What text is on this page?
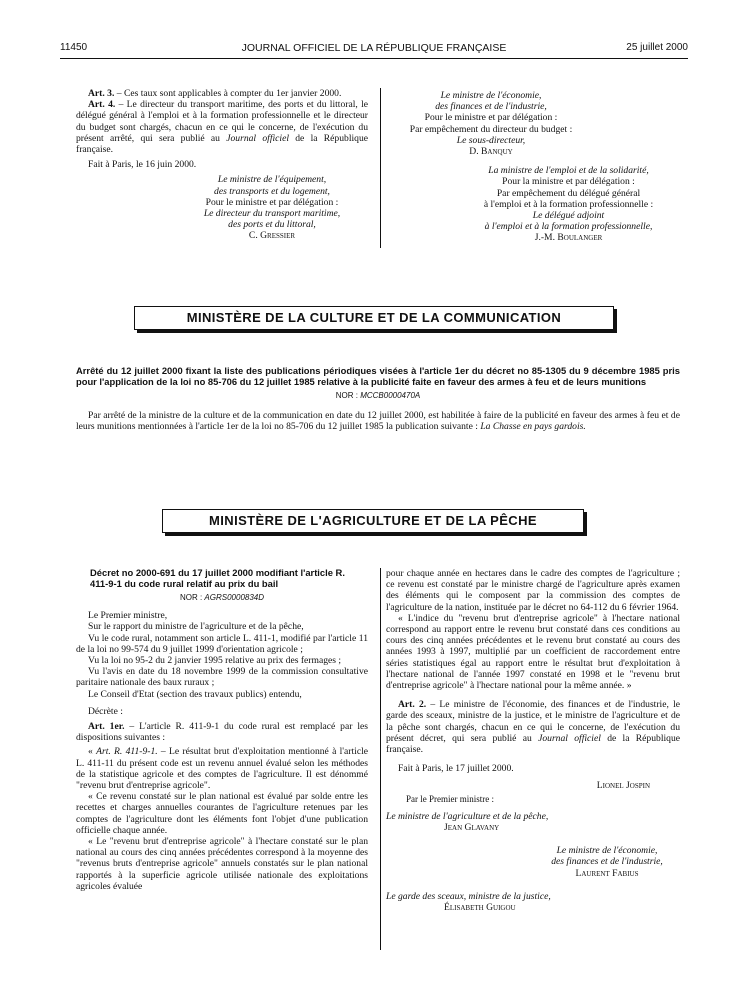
11450	JOURNAL OFFICIEL DE LA RÉPUBLIQUE FRANÇAISE	25 juillet 2000

Art. 3. – Ces taux sont applicables à compter du 1er janvier 2000.

Art. 4. – Le directeur du transport maritime, des ports et du littoral, le délégué général à l'emploi et à la formation professionnelle et le directeur du budget sont chargés, chacun en ce qui le concerne, de l'exécution du présent arrêté, qui sera publié au Journal officiel de la République française.

Fait à Paris, le 16 juin 2000.

Le ministre de l'équipement,

des transports et du logement,

Pour le ministre et par délégation :

Le directeur du transport maritime,

des ports et du littoral,

C. Gressier

Le ministre de l'économie,

des finances et de l'industrie,

Pour le ministre et par délégation :

Par empêchement du directeur du budget :

Le sous-directeur,

D. Banquy

La ministre de l'emploi et de la solidarité,

Pour la ministre et par délégation :

Par empêchement du délégué général

à l'emploi et à la formation professionnelle :

Le délégué adjoint

à l'emploi et à la formation professionnelle,

J.-M. Boulanger

MINISTÈRE DE LA CULTURE ET DE LA COMMUNICATION

Arrêté du 12 juillet 2000 fixant la liste des publications périodiques visées à l'article 1er du décret no 85-1305 du 9 décembre 1985 pris pour l'application de la loi no 85-706 du 12 juillet 1985 relative à la publicité faite en faveur des armes à feu et de leurs munitions

NOR : MCCB0000470A

Par arrêté de la ministre de la culture et de la communication en date du 12 juillet 2000, est habilitée à faire de la publicité en faveur des armes à feu et de leurs munitions mentionnées à l'article 1er de la loi no 85-706 du 12 juillet 1985 la publication suivante : La Chasse en pays gardois.

MINISTÈRE DE L'AGRICULTURE ET DE LA PÊCHE

Décret no 2000-691 du 17 juillet 2000 modifiant l'article R. 411-9-1 du code rural relatif au prix du bail

NOR : AGRS0000834D

Le Premier ministre,

Sur le rapport du ministre de l'agriculture et de la pêche,

Vu le code rural, notamment son article L. 411-1, modifié par l'article 11 de la loi no 99-574 du 9 juillet 1999 d'orientation agricole ;

Vu la loi no 95-2 du 2 janvier 1995 relative au prix des fermages ;

Vu l'avis en date du 18 novembre 1999 de la commission consultative paritaire nationale des baux ruraux ;

Le Conseil d'Etat (section des travaux publics) entendu,

Décrète :

Art. 1er. – L'article R. 411-9-1 du code rural est remplacé par les dispositions suivantes :

« Art. R. 411-9-1. – Le résultat brut d'exploitation mentionné à l'article L. 411-11 du présent code est un revenu annuel évalué selon les méthodes de la statistique agricole et des comptes de l'agriculture. Il est dénommé "revenu brut d'entreprise agricole".

« Ce revenu constaté sur le plan national est évalué par solde entre les recettes et charges annuelles courantes de l'agriculture retenues par les comptes de l'agriculture dont les éléments font l'objet d'une publication officielle chaque année.

« Le "revenu brut d'entreprise agricole" à l'hectare constaté sur le plan national au cours des cinq années précédentes correspond à la moyenne des "revenus bruts d'entreprise agricole" annuels constatés sur le plan national rapportés à la superficie agricole utilisée nationale des exploitations agricoles évaluée

pour chaque année en hectares dans le cadre des comptes de l'agriculture ; ce revenu est constaté par le ministre chargé de l'agriculture après examen des éléments qui le composent par la commission des comptes de l'agriculture de la nation, instituée par le décret no 64-112 du 6 février 1964.

« L'indice du "revenu brut d'entreprise agricole" à l'hectare national correspond au rapport entre le revenu brut constaté dans ces conditions au cours des cinq années précédentes et le revenu brut constaté au cours des années 1993 à 1997, multiplié par un coefficient de raccordement entre séries statistiques égal au rapport entre le résultat brut d'exploitation à l'hectare national de l'année 1997 constaté en 1998 et le "revenu brut d'entreprise agricole" à l'hectare national pour la même année. »

Art. 2. – Le ministre de l'économie, des finances et de l'industrie, le garde des sceaux, ministre de la justice, et le ministre de l'agriculture et de la pêche sont chargés, chacun en ce qui le concerne, de l'exécution du présent décret, qui sera publié au Journal officiel de la République française.

Fait à Paris, le 17 juillet 2000.

Lionel Jospin

Par le Premier ministre :

Le ministre de l'agriculture et de la pêche,

Jean Glavany

Le ministre de l'économie,

des finances et de l'industrie,

Laurent Fabius

Le garde des sceaux, ministre de la justice,

Élisabeth Guigou
